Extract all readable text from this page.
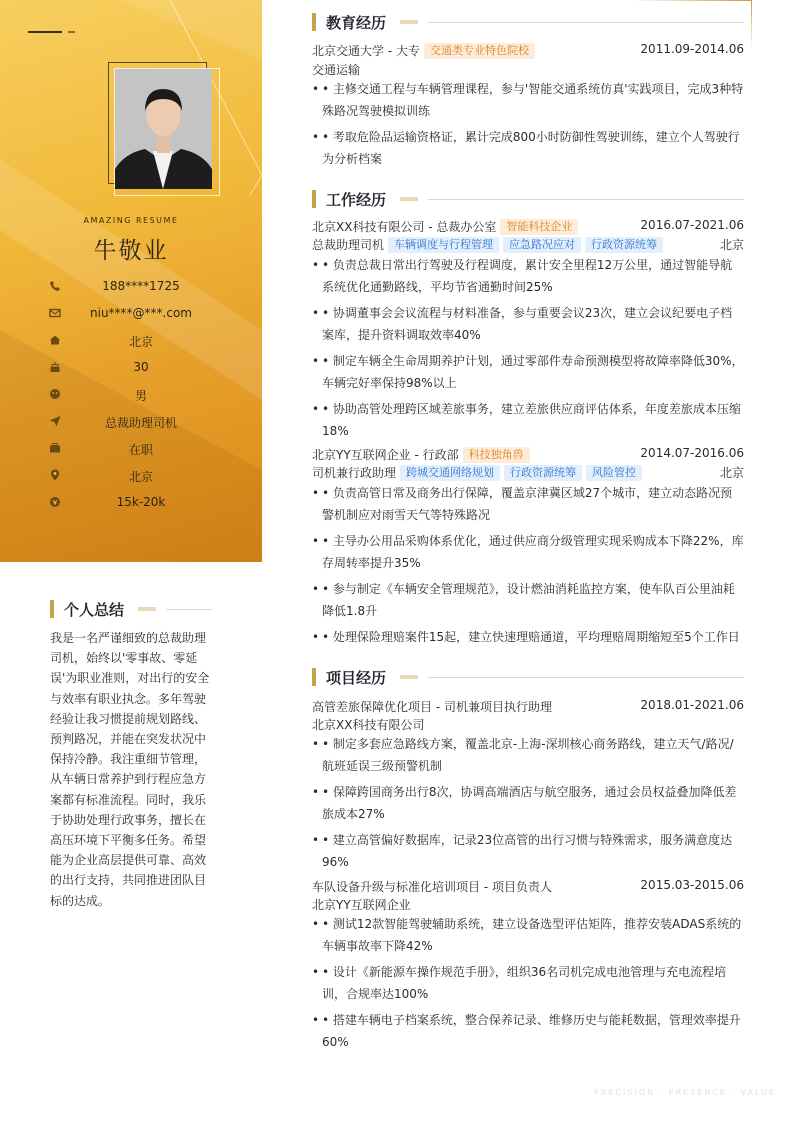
AMAZING RESUME
牛敬业
188****1725
niu****@***.com
北京
30
男
总裁助理司机
在职
北京
15k-20k
个人总结
我是一名严谨细致的总裁助理司机，始终以'零事故、零延误'为职业准则，对出行的安全与效率有职业执念。多年驾驶经验让我习惯提前规划路线、预判路况，并能在突发状况中保持冷静。我注重细节管理，从车辆日常养护到行程应急方案都有标准流程。同时，我乐于协助处理行政事务，擅长在高压环境下平衡多任务。希望能为企业高层提供可靠、高效的出行支持，共同推进团队目标的达成。
教育经历
北京交通大学 - 大专 交通类专业特色院校	2011.09-2014.06
交通运输
• • 主修交通工程与车辆管理课程，参与'智能交通系统仿真'实践项目，完成3种特殊路况驾驶模拟训练
• • 考取危险品运输资格证，累计完成800小时防御性驾驶训练，建立个人驾驶行为分析档案
工作经历
北京XX科技有限公司 - 总裁办公室 智能科技企业	2016.07-2021.06
总裁助理司机 车辆调度与行程管理 应急路况应对 行政资源统筹	北京
• • 负责总裁日常出行驾驶及行程调度，累计安全里程12万公里，通过智能导航系统优化通勤路线，平均节省通勤时间25%
• • 协调董事会会议流程与材料准备，参与重要会议23次，建立会议纪要电子档案库，提升资料调取效率40%
• • 制定车辆全生命周期养护计划，通过零部件寿命预测模型将故障率降低30%，车辆完好率保持98%以上
• • 协助高管处理跨区域差旅事务，建立差旅供应商评估体系，年度差旅成本压缩18%
北京YY互联网企业 - 行政部 科技独角兽	2014.07-2016.06
司机兼行政助理 跨城交通网络规划 行政资源统筹 风险管控	北京
• • 负责高管日常及商务出行保障，覆盖京津冀区域27个城市，建立动态路况预警机制应对雨雪天气等特殊路况
• • 主导办公用品采购体系优化，通过供应商分级管理实现采购成本下降22%，库存周转率提升35%
• • 参与制定《车辆安全管理规范》，设计燃油消耗监控方案，使车队百公里油耗降低1.8升
• • 处理保险理赔案件15起，建立快速理赔通道，平均理赔周期缩短至5个工作日
项目经历
高管差旅保障优化项目 - 司机兼项目执行助理	2018.01-2021.06
北京XX科技有限公司
• • 制定多套应急路线方案，覆盖北京-上海-深圳核心商务路线，建立天气/路况/航班延误三级预警机制
• • 保障跨国商务出行8次，协调高端酒店与航空服务，通过会员权益叠加降低差旅成本27%
• • 建立高管偏好数据库，记录23位高管的出行习惯与特殊需求，服务满意度达96%
车队设备升级与标准化培训项目 - 项目负责人	2015.03-2015.06
北京YY互联网企业
• • 测试12款智能驾驶辅助系统，建立设备选型评估矩阵，推荐安装ADAS系统的车辆事故率下降42%
• • 设计《新能源车操作规范手册》，组织36名司机完成电池管理与充电流程培训，合规率达100%
• • 搭建车辆电子档案系统，整合保养记录、维修历史与能耗数据，管理效率提升60%
PRECISION · PRESENCE · VALUE
